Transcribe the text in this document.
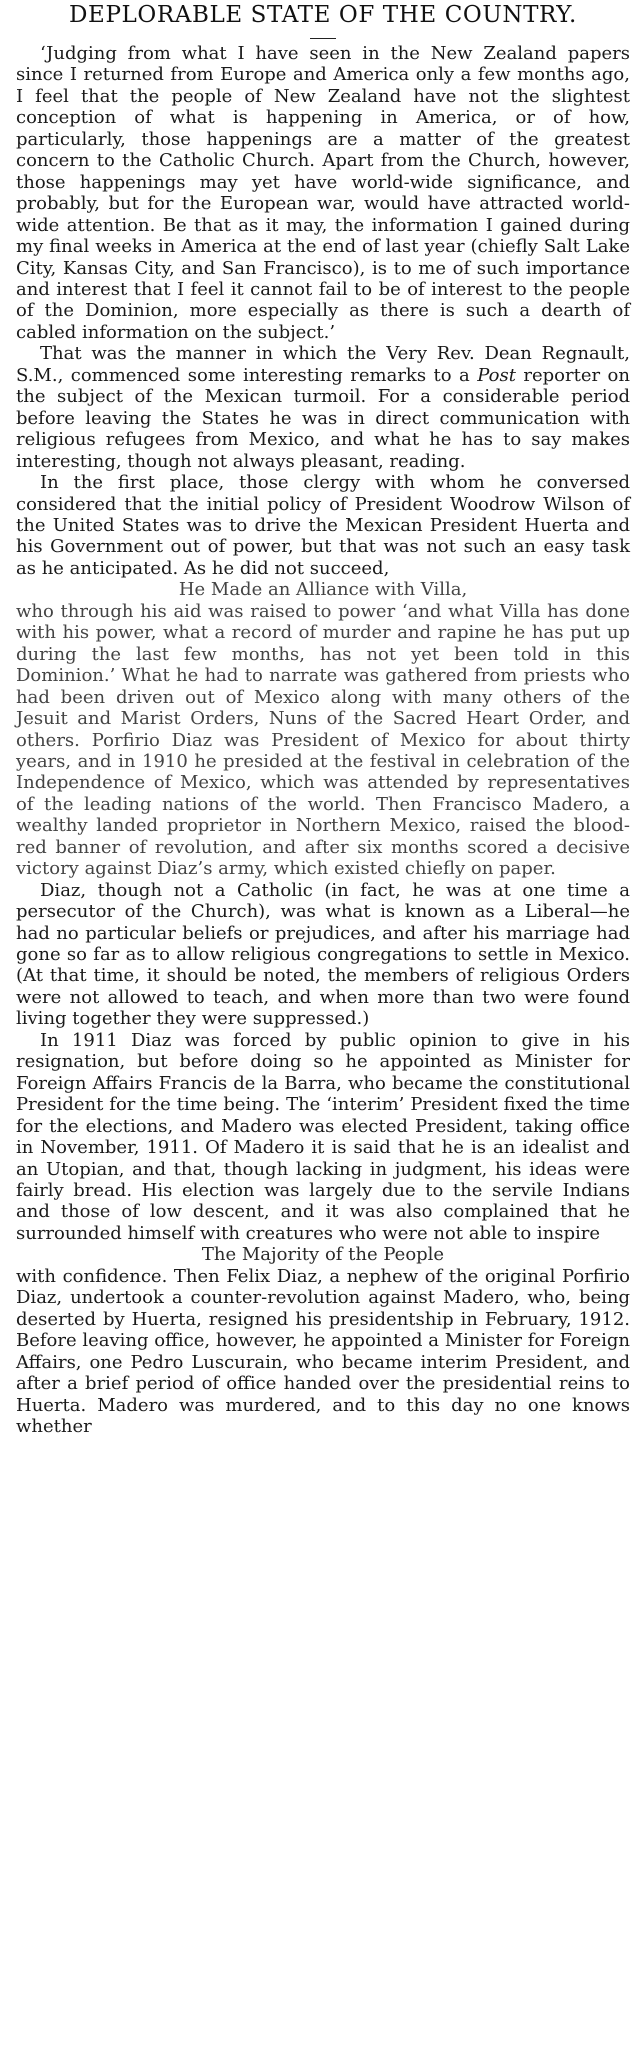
DEPLORABLE STATE OF THE COUNTRY.

‘Judging from what I have seen in the New Zealand papers since I returned from Europe and America only a few months ago, I feel that the people of New Zealand have not the slightest conception of what is happening in America, or of how, particularly, those happenings are a matter of the greatest concern to the Catholic Church. Apart from the Church, however, those happenings may yet have world-wide significance, and probably, but for the European war, would have attracted world-wide attention. Be that as it may, the information I gained during my final weeks in America at the end of last year (chiefly Salt Lake City, Kansas City, and San Francisco), is to me of such importance and interest that I feel it cannot fail to be of interest to the people of the Dominion, more especially as there is such a dearth of cabled information on the subject.’

That was the manner in which the Very Rev. Dean Regnault, S.M., commenced some interesting remarks to a Post reporter on the subject of the Mexican turmoil. For a considerable period before leaving the States he was in direct communication with religious refugees from Mexico, and what he has to say makes interesting, though not always pleasant, reading.

In the first place, those clergy with whom he conversed considered that the initial policy of President Woodrow Wilson of the United States was to drive the Mexican President Huerta and his Government out of power, but that was not such an easy task as he anticipated. As he did not succeed,

He Made an Alliance with Villa,

who through his aid was raised to power ‘and what Villa has done with his power, what a record of murder and rapine he has put up during the last few months, has not yet been told in this Dominion.’ What he had to narrate was gathered from priests who had been driven out of Mexico along with many others of the Jesuit and Marist Orders, Nuns of the Sacred Heart Order, and others. Porfirio Diaz was President of Mexico for about thirty years, and in 1910 he presided at the festival in celebration of the Independence of Mexico, which was attended by representatives of the leading nations of the world. Then Francisco Madero, a wealthy landed proprietor in Northern Mexico, raised the blood-red banner of revolution, and after six months scored a decisive victory against Diaz’s army, which existed chiefly on paper.

Diaz, though not a Catholic (in fact, he was at one time a persecutor of the Church), was what is known as a Liberal—he had no particular beliefs or prejudices, and after his marriage had gone so far as to allow religious congregations to settle in Mexico. (At that time, it should be noted, the members of religious Orders were not allowed to teach, and when more than two were found living together they were suppressed.)

In 1911 Diaz was forced by public opinion to give in his resignation, but before doing so he appointed as Minister for Foreign Affairs Francis de la Barra, who became the constitutional President for the time being. The ‘interim’ President fixed the time for the elections, and Madero was elected President, taking office in November, 1911. Of Madero it is said that he is an idealist and an Utopian, and that, though lacking in judgment, his ideas were fairly bread. His election was largely due to the servile Indians and those of low descent, and it was also complained that he surrounded himself with creatures who were not able to inspire

The Majority of the People

with confidence. Then Felix Diaz, a nephew of the original Porfirio Diaz, undertook a counter-revolution against Madero, who, being deserted by Huerta, resigned his presidentship in February, 1912. Before leaving office, however, he appointed a Minister for Foreign Affairs, one Pedro Luscurain, who became interim President, and after a brief period of office handed over the presidential reins to Huerta. Madero was murdered, and to this day no one knows whether
